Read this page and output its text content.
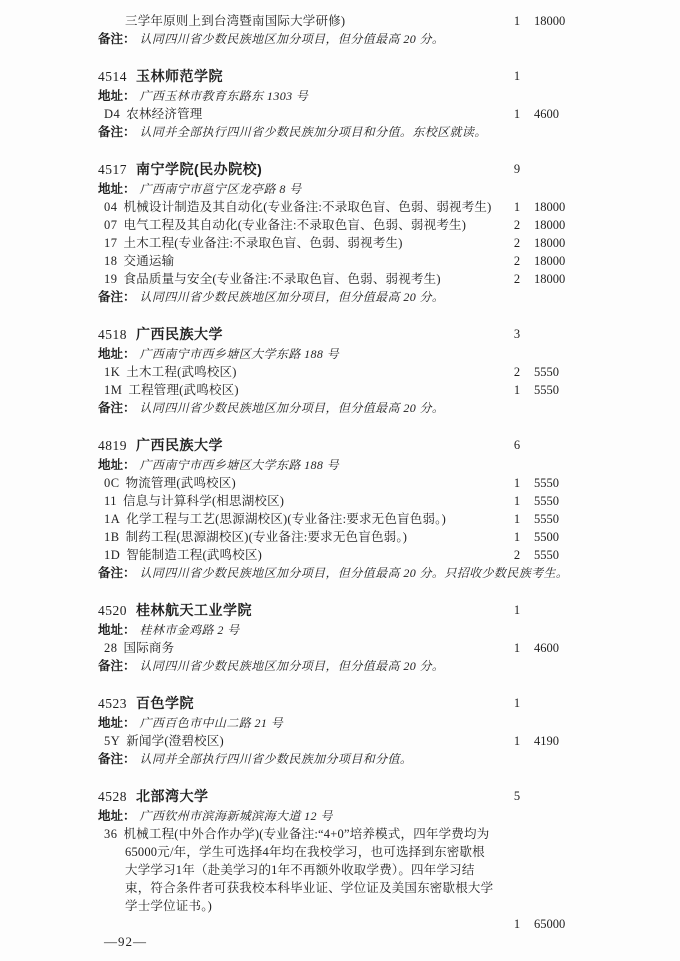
三学年原则上到台湾暨南国际大学研修)	1	18000
备注： 认同四川省少数民族地区加分项目，但分值最高 20 分。
4514 玉林师范学院	1
地址： 广西玉林市教育东路东 1303 号
D4 农林经济管理	1	4600
备注： 认同并全部执行四川省少数民族加分项目和分值。东校区就读。
4517 南宁学院(民办院校)	9
地址： 广西南宁市邕宁区龙亭路 8 号
04 机械设计制造及其自动化(专业备注:不录取色盲、色弱、弱视考生)	1	18000
07 电气工程及其自动化(专业备注:不录取色盲、色弱、弱视考生)	2	18000
17 土木工程(专业备注:不录取色盲、色弱、弱视考生)	2	18000
18 交通运输	2	18000
19 食品质量与安全(专业备注:不录取色盲、色弱、弱视考生)	2	18000
备注： 认同四川省少数民族地区加分项目，但分值最高 20 分。
4518 广西民族大学	3
地址： 广西南宁市西乡塘区大学东路 188 号
1K 土木工程(武鸣校区)	2	5550
1M 工程管理(武鸣校区)	1	5550
备注： 认同四川省少数民族地区加分项目，但分值最高 20 分。
4819 广西民族大学	6
地址： 广西南宁市西乡塘区大学东路 188 号
0C 物流管理(武鸣校区)	1	5550
11 信息与计算科学(相思湖校区)	1	5550
1A 化学工程与工艺(思源湖校区)(专业备注:要求无色盲色弱。)	1	5550
1B 制药工程(思源湖校区)(专业备注:要求无色盲色弱。)	1	5500
1D 智能制造工程(武鸣校区)	2	5550
备注： 认同四川省少数民族地区加分项目，但分值最高 20 分。只招收少数民族考生。
4520 桂林航天工业学院	1
地址： 桂林市金鸡路 2 号
28 国际商务	1	4600
备注： 认同四川省少数民族地区加分项目，但分值最高 20 分。
4523 百色学院	1
地址： 广西百色市中山二路 21 号
5Y 新闻学(澄碧校区)	1	4190
备注： 认同并全部执行四川省少数民族加分项目和分值。
4528 北部湾大学	5
地址： 广西钦州市滨海新城滨海大道 12 号
36 机械工程(中外合作办学)(专业备注:“4+0”培养模式，四年学费均为65000元/年，学生可选择4年均在我校学习，也可选择到东密歇根大学学习1年（赴美学习的1年不再额外收取学费）。四年学习结束，符合条件者可获我校本科毕业证、学位证及美国东密歇根大学学士学位证书。)
1	65000
—92—
